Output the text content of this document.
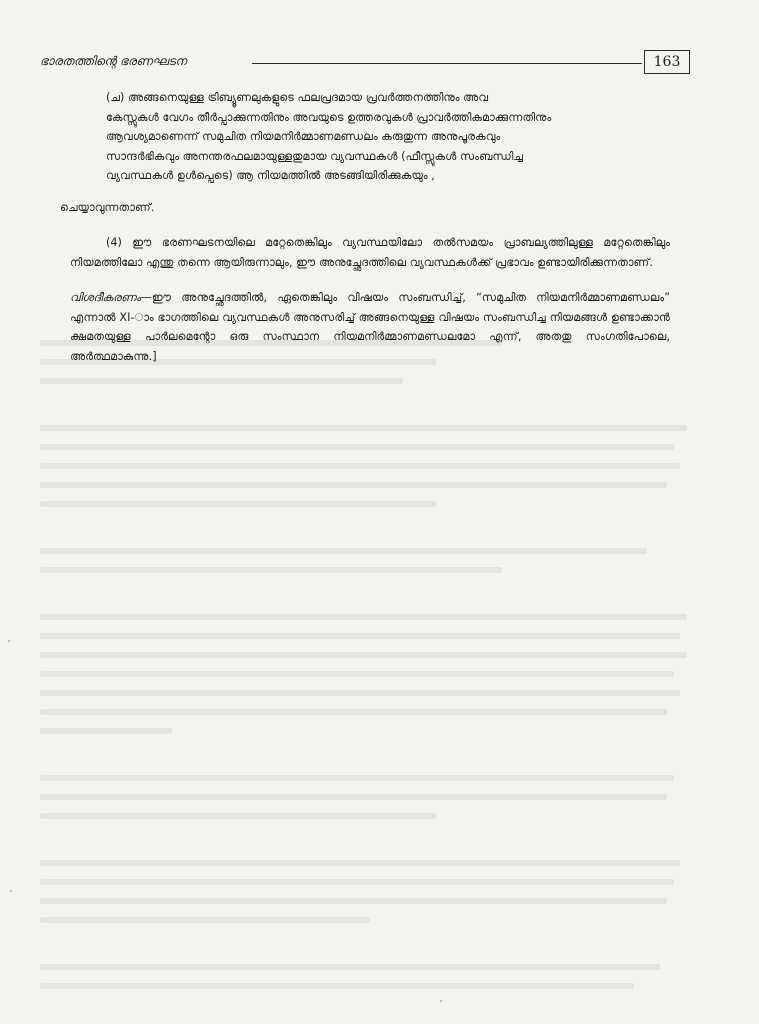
ഭാരതത്തിന്റെ ഭരണഘടന	163
(ച) അങ്ങനെയുള്ള ട്രിബ്യൂണലുകളുടെ ഫലപ്രദമായ പ്രവർത്തനത്തിനും അവ
കേസ്സുകൾ വേഗം തീർപ്പാക്കുന്നതിനും അവയുടെ ഉത്തരവുകൾ പ്രാവർത്തികമാക്കുന്നതിനും
ആവശ്യമാണെന്ന് സമുചിത നിയമനിർമ്മാണമണ്ഡലം കരുതുന്ന അനുപൂരകവും
സാന്ദർഭികവും അനന്തരഫലമായുള്ളതുമായ വ്യവസ്ഥകൾ (ഫീസ്സുകൾ സംബന്ധിച്ച
വ്യവസ്ഥകൾ ഉൾപ്പെടെ) ആ നിയമത്തിൽ അടങ്ങിയിരിക്കുകയും ,
ചെയ്യാവുന്നതാണ്.

(4) ഈ ഭരണഘടനയിലെ മറ്റേതെങ്കിലും വ്യവസ്ഥയിലോ തൽസമയം പ്രാബല്യത്തിലുള്ള മറ്റേതെങ്കിലും നിയമത്തിലോ എന്തു തന്നെ ആയിരുന്നാലും, ഈ അനുച്ഛേദത്തിലെ വ്യവസ്ഥകൾക്ക് പ്രഭാവം ഉണ്ടായിരിക്കുന്നതാണ്.

വിശദീകരണം—ഈ അനുച്ഛേദത്തിൽ, ഏതെങ്കിലും വിഷയം സംബന്ധിച്ച്, “സമുചിത നിയമനിർമ്മാണമണ്ഡലം” എന്നാൽ XI-ാം ഭാഗത്തിലെ വ്യവസ്ഥകൾ അനുസരിച്ച് അങ്ങനെയുള്ള വിഷയം സംബന്ധിച്ച നിയമങ്ങൾ ഉണ്ടാക്കാൻ ക്ഷമതയുള്ള പാർലമെന്റോ ഒരു സംസ്ഥാന നിയമനിർമ്മാണമണ്ഡലമോ എന്ന്, അതതു സംഗതിപോലെ, അർത്ഥമാകുന്നു.]
